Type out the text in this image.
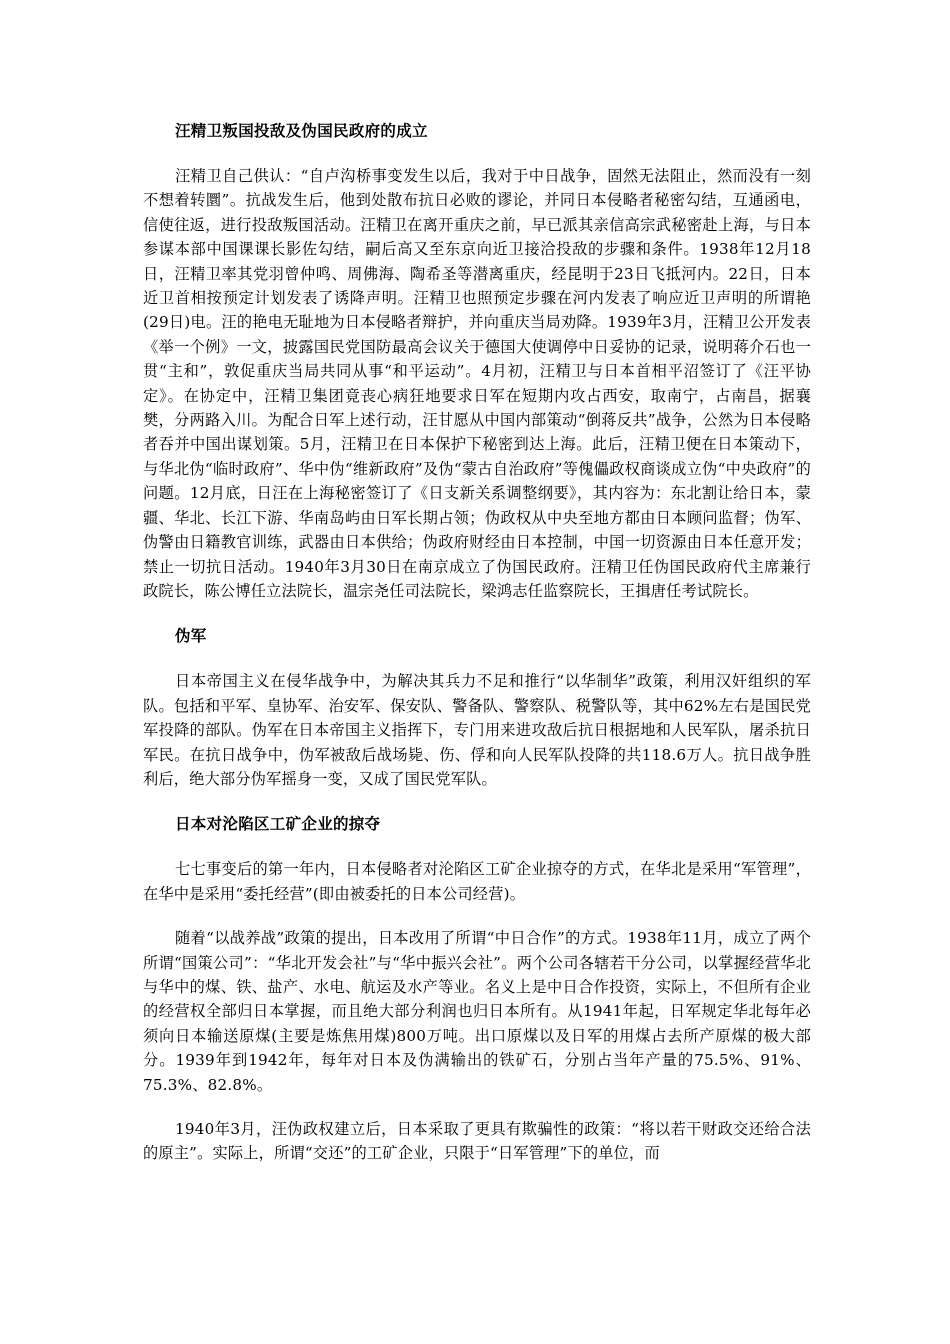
汪精卫叛国投敌及伪国民政府的成立

汪精卫自己供认：“自卢沟桥事变发生以后，我对于中日战争，固然无法阻止，然而没有一刻不想着转圜”。抗战发生后，他到处散布抗日必败的谬论，并同日本侵略者秘密勾结，互通函电，信使往返，进行投敌叛国活动。汪精卫在离开重庆之前，早已派其亲信高宗武秘密赴上海，与日本参谋本部中国课课长影佐勾结，嗣后高又至东京向近卫接洽投敌的步骤和条件。1938年12月18日，汪精卫率其党羽曾仲鸣、周佛海、陶希圣等潜离重庆，经昆明于23日飞抵河内。22日，日本近卫首相按预定计划发表了诱降声明。汪精卫也照预定步骤在河内发表了响应近卫声明的所谓艳(29日)电。汪的艳电无耻地为日本侵略者辩护，并向重庆当局劝降。1939年3月，汪精卫公开发表《举一个例》一文，披露国民党国防最高会议关于德国大使调停中日妥协的记录，说明蒋介石也一贯“主和”，敦促重庆当局共同从事“和平运动”。4月初，汪精卫与日本首相平沼签订了《汪平协定》。在协定中，汪精卫集团竟丧心病狂地要求日军在短期内攻占西安，取南宁，占南昌，据襄樊，分两路入川。为配合日军上述行动，汪甘愿从中国内部策动“倒蒋反共”战争，公然为日本侵略者吞并中国出谋划策。5月，汪精卫在日本保护下秘密到达上海。此后，汪精卫便在日本策动下，与华北伪“临时政府”、华中伪“维新政府”及伪“蒙古自治政府”等傀儡政权商谈成立伪“中央政府”的问题。12月底，日汪在上海秘密签订了《日支新关系调整纲要》，其内容为：东北割让给日本，蒙疆、华北、长江下游、华南岛屿由日军长期占领；伪政权从中央至地方都由日本顾问监督；伪军、伪警由日籍教官训练，武器由日本供给；伪政府财经由日本控制，中国一切资源由日本任意开发；禁止一切抗日活动。1940年3月30日在南京成立了伪国民政府。汪精卫任伪国民政府代主席兼行政院长，陈公博任立法院长，温宗尧任司法院长，梁鸿志任监察院长，王揖唐任考试院长。

伪军

日本帝国主义在侵华战争中，为解决其兵力不足和推行“以华制华”政策，利用汉奸组织的军队。包括和平军、皇协军、治安军、保安队、警备队、警察队、税警队等，其中62%左右是国民党军投降的部队。伪军在日本帝国主义指挥下，专门用来进攻敌后抗日根据地和人民军队，屠杀抗日军民。在抗日战争中，伪军被敌后战场毙、伤、俘和向人民军队投降的共118.6万人。抗日战争胜利后，绝大部分伪军摇身一变，又成了国民党军队。

日本对沦陷区工矿企业的掠夺

七七事变后的第一年内，日本侵略者对沦陷区工矿企业掠夺的方式，在华北是采用“军管理”，在华中是采用“委托经营”(即由被委托的日本公司经营)。

随着“以战养战”政策的提出，日本改用了所谓“中日合作”的方式。1938年11月，成立了两个所谓“国策公司”：“华北开发会社”与“华中振兴会社”。两个公司各辖若干分公司，以掌握经营华北与华中的煤、铁、盐产、水电、航运及水产等业。名义上是中日合作投资，实际上，不但所有企业的经营权全部归日本掌握，而且绝大部分利润也归日本所有。从1941年起，日军规定华北每年必须向日本输送原煤(主要是炼焦用煤)800万吨。出口原煤以及日军的用煤占去所产原煤的极大部分。1939年到1942年，每年对日本及伪满输出的铁矿石，分别占当年产量的75.5%、91%、75.3%、82.8%。

1940年3月，汪伪政权建立后，日本采取了更具有欺骗性的政策：“将以若干财政交还给合法的原主”。实际上，所谓“交还”的工矿企业，只限于“日军管理”下的单位，而
